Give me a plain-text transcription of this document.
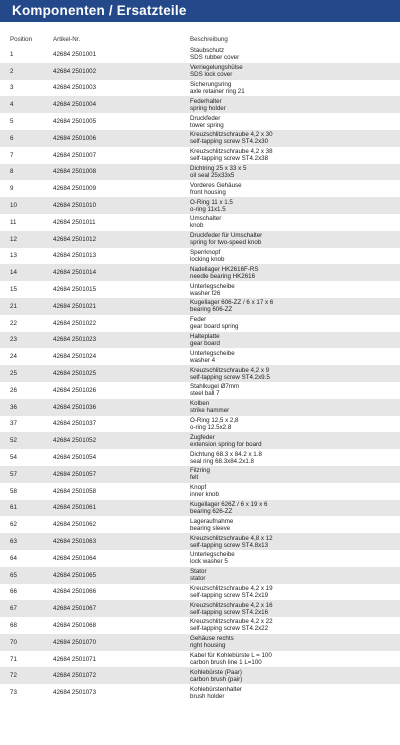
Komponenten / Ersatzteile
Position	Artikel-Nr.	Beschreibung
1	42684 2501001	Staubschutz
SDS rubber cover
2	42684 2501002	Verriegelungshülse
SDS lock cover
3	42684 2501003	Sicherungsring
axle retainer ring 21
4	42684 2501004	Federhalter
spring holder
5	42684 2501005	Druckfeder
tower spring
6	42684 2501006	Kreuzschlitzschraube 4,2 x 30
self-tapping screw ST4.2x30
7	42684 2501007	Kreuzschlitzschraube 4,2 x 38
self-tapping screw ST4.2x38
8	42684 2501008	Dichtring 25 x 33 x 5
oil seal 25x33x5
9	42684 2501009	Vorderes Gehäuse
front housing
10	42684 2501010	O-Ring 11 x 1.5
o-ring 11x1.5
11	42684 2501011	Umschalter
knob
12	42684 2501012	Druckfeder für Umschalter
spring for two-speed knob
13	42684 2501013	Sperrknopf
locking knob
14	42684 2501014	Nadellager HK2616F-RS
needle bearing HK2616
15	42684 2501015	Unterlegscheibe
washer f26
21	42684 2501021	Kugellager 606-ZZ / 6 x 17 x 6
bearing 606-ZZ
22	42684 2501022	Feder
gear board spring
23	42684 2501023	Halteplatte
gear board
24	42684 2501024	Unterlegscheibe
washer 4
25	42684 2501025	Kreuzschlitzschraube 4,2 x 9
self-tapping screw ST4.2x9.5
26	42684 2501026	Stahlkugel Ø7mm
steel ball 7
36	42684 2501036	Kolben
strike hammer
37	42684 2501037	O-Ring 12,5 x 2,8
o-ring 12.5x2.8
52	42684 2501052	Zugfeder
extension spring for board
54	42684 2501054	Dichtung 68.3 x 84.2 x 1.8
seal ring 68.3x84.2x1.8
57	42684 2501057	Filzring
felt
58	42684 2501058	Knopf
inner knob
61	42684 2501061	Kugellager 626Z / 6 x 19 x 6
bearing 626-ZZ
62	42684 2501062	Lageraufnahme
bearing sleeve
63	42684 2501063	Kreuzschlitzschraube 4,8 x 12
self-tapping screw ST4.8x13
64	42684 2501064	Unterlegscheibe
lock washer 5
65	42684 2501065	Stator
stator
66	42684 2501066	Kreuzschlitzschraube 4,2 x 19
self-tapping screw ST4.2x19
67	42684 2501067	Kreuzschlitzschraube 4,2 x 16
self-tapping screw ST4.2x16
68	42684 2501068	Kreuzschlitzschraube 4,2 x 22
self-tapping screw ST4.2x22
70	42684 2501070	Gehäuse rechts
right housing
71	42684 2501071	Kabel für Kohlebürste L = 100
carbon brush line 1 L=100
72	42684 2501072	Kohlebürste (Paar)
carbon brush (pair)
73	42684 2501073	Kohlebürstenhalter
brush holder
